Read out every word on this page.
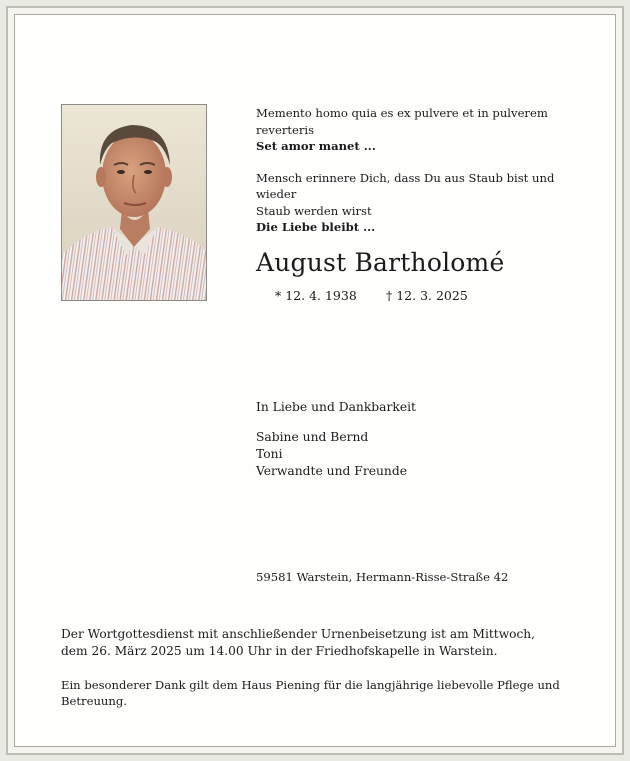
Memento homo quia es ex pulvere et in pulverem reverteris

Set amor manet ...

Mensch erinnere Dich, dass Du aus Staub bist und wieder

Staub werden wirst

Die Liebe bleibt ...

August Bartholomé
* 12. 4. 1938 † 12. 3. 2025

In Liebe und Dankbarkeit

Sabine und Bernd

Toni

Verwandte und Freunde

59581 Warstein, Hermann-Risse-Straße 42

Der Wortgottesdienst mit anschließender Urnenbeisetzung ist am Mittwoch,

dem 26. März 2025 um 14.00 Uhr in der Friedhofskapelle in Warstein.

Ein besonderer Dank gilt dem Haus Piening für die langjährige liebevolle Pflege und Betreuung.
